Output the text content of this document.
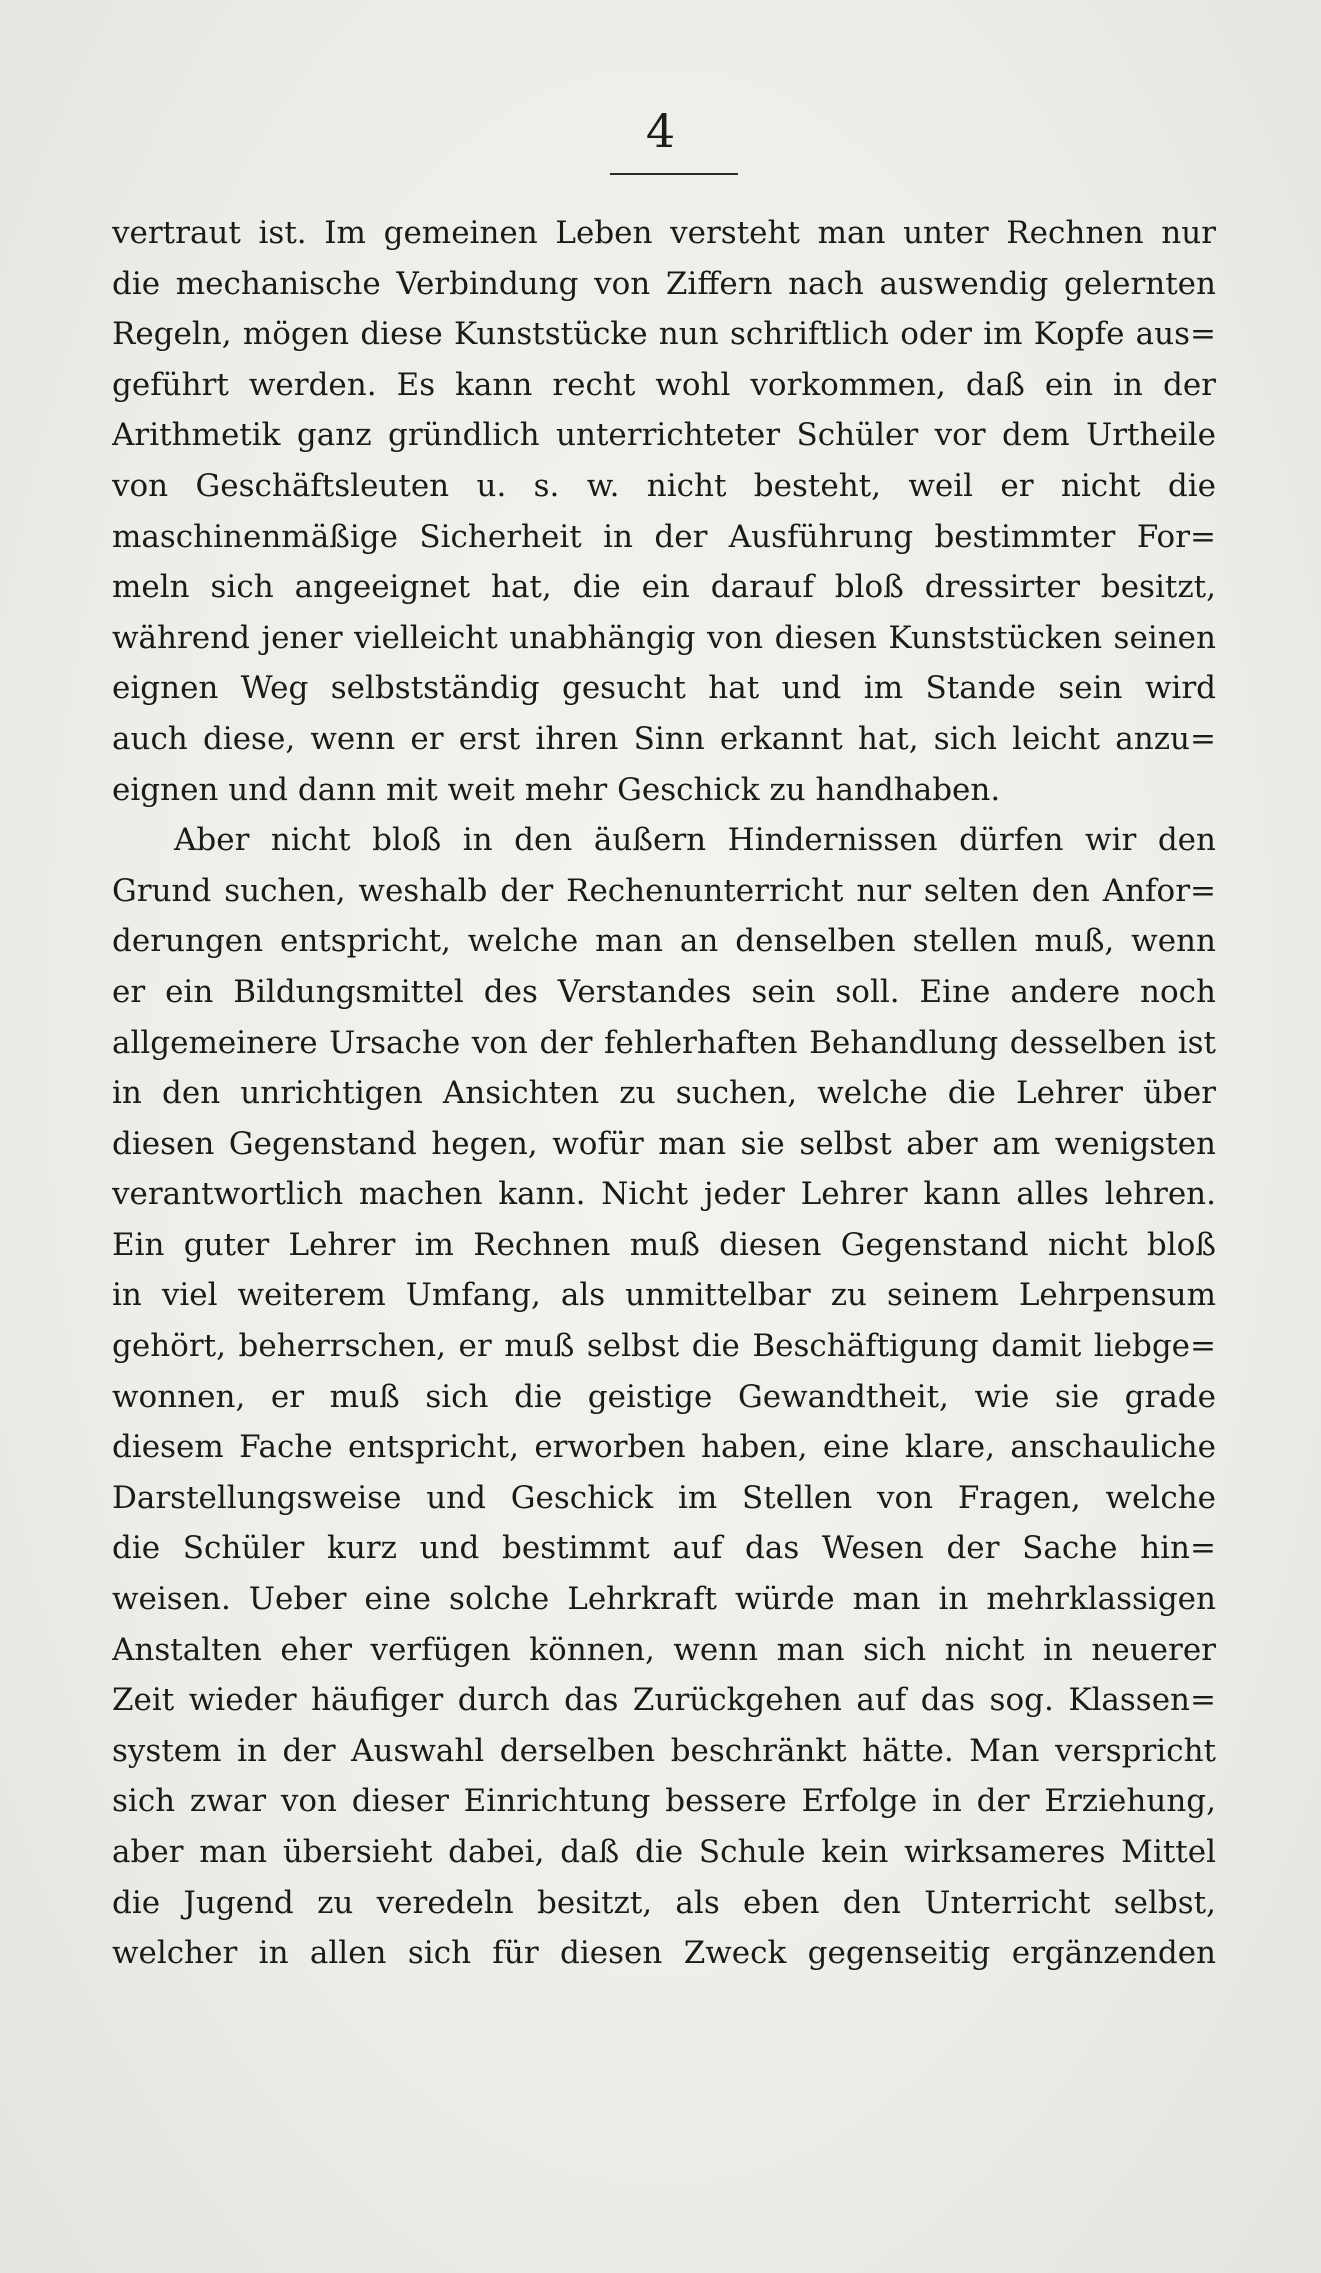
4
vertraut ist. Im gemeinen Leben versteht man unter Rechnen nur
die mechanische Verbindung von Ziffern nach auswendig gelernten
Regeln, mögen diese Kunststücke nun schriftlich oder im Kopfe aus=
geführt werden. Es kann recht wohl vorkommen, daß ein in der
Arithmetik ganz gründlich unterrichteter Schüler vor dem Urtheile
von Geschäftsleuten u. s. w. nicht besteht, weil er nicht die
maschinenmäßige Sicherheit in der Ausführung bestimmter For=
meln sich angeeignet hat, die ein darauf bloß dressirter besitzt,
während jener vielleicht unabhängig von diesen Kunststücken seinen
eignen Weg selbstständig gesucht hat und im Stande sein wird
auch diese, wenn er erst ihren Sinn erkannt hat, sich leicht anzu=
eignen und dann mit weit mehr Geschick zu handhaben.
Aber nicht bloß in den äußern Hindernissen dürfen wir den
Grund suchen, weshalb der Rechenunterricht nur selten den Anfor=
derungen entspricht, welche man an denselben stellen muß, wenn
er ein Bildungsmittel des Verstandes sein soll. Eine andere noch
allgemeinere Ursache von der fehlerhaften Behandlung desselben ist
in den unrichtigen Ansichten zu suchen, welche die Lehrer über
diesen Gegenstand hegen, wofür man sie selbst aber am wenigsten
verantwortlich machen kann. Nicht jeder Lehrer kann alles lehren.
Ein guter Lehrer im Rechnen muß diesen Gegenstand nicht bloß
in viel weiterem Umfang, als unmittelbar zu seinem Lehrpensum
gehört, beherrschen, er muß selbst die Beschäftigung damit liebge=
wonnen, er muß sich die geistige Gewandtheit, wie sie grade
diesem Fache entspricht, erworben haben, eine klare, anschauliche
Darstellungsweise und Geschick im Stellen von Fragen, welche
die Schüler kurz und bestimmt auf das Wesen der Sache hin=
weisen. Ueber eine solche Lehrkraft würde man in mehrklassigen
Anstalten eher verfügen können, wenn man sich nicht in neuerer
Zeit wieder häufiger durch das Zurückgehen auf das sog. Klassen=
system in der Auswahl derselben beschränkt hätte. Man verspricht
sich zwar von dieser Einrichtung bessere Erfolge in der Erziehung,
aber man übersieht dabei, daß die Schule kein wirksameres Mittel
die Jugend zu veredeln besitzt, als eben den Unterricht selbst,
welcher in allen sich für diesen Zweck gegenseitig ergänzenden
